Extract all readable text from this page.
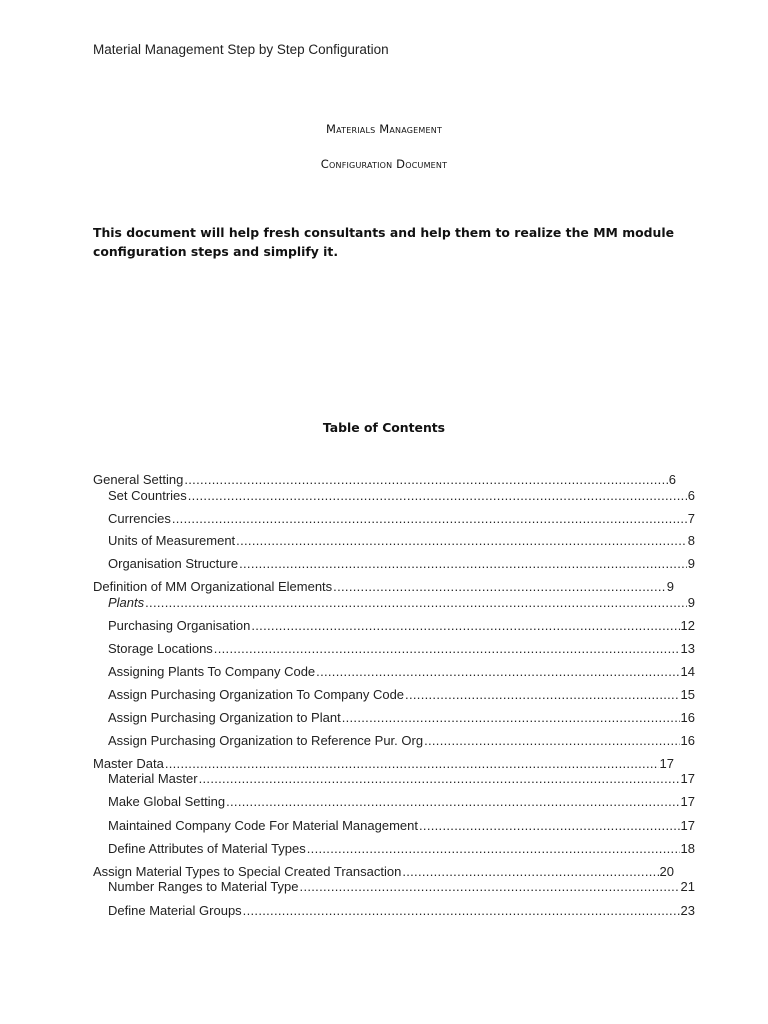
Material Management Step by Step Configuration
Materials Management
Configuration Document
This document will help fresh consultants and help them to realize the MM module configuration steps and simplify it.
Table of Contents
General Setting .....	6
Set Countries .....	6
Currencies .....	7
Units of Measurement .....	8
Organisation Structure .....	9
Definition of MM Organizational Elements .....	9
Plants .....	9
Purchasing Organisation .....	12
Storage Locations .....	13
Assigning Plants To Company Code .....	14
Assign Purchasing Organization To Company Code .....	15
Assign Purchasing Organization to Plant .....	16
Assign Purchasing Organization to Reference Pur. Org .....	16
Master Data .....	17
Material Master .....	17
Make Global Setting .....	17
Maintained Company Code For Material Management .....	17
Define Attributes of Material Types .....	18
Assign Material Types to Special Created Transaction .....	20
Number Ranges to Material Type .....	21
Define Material Groups .....	23
